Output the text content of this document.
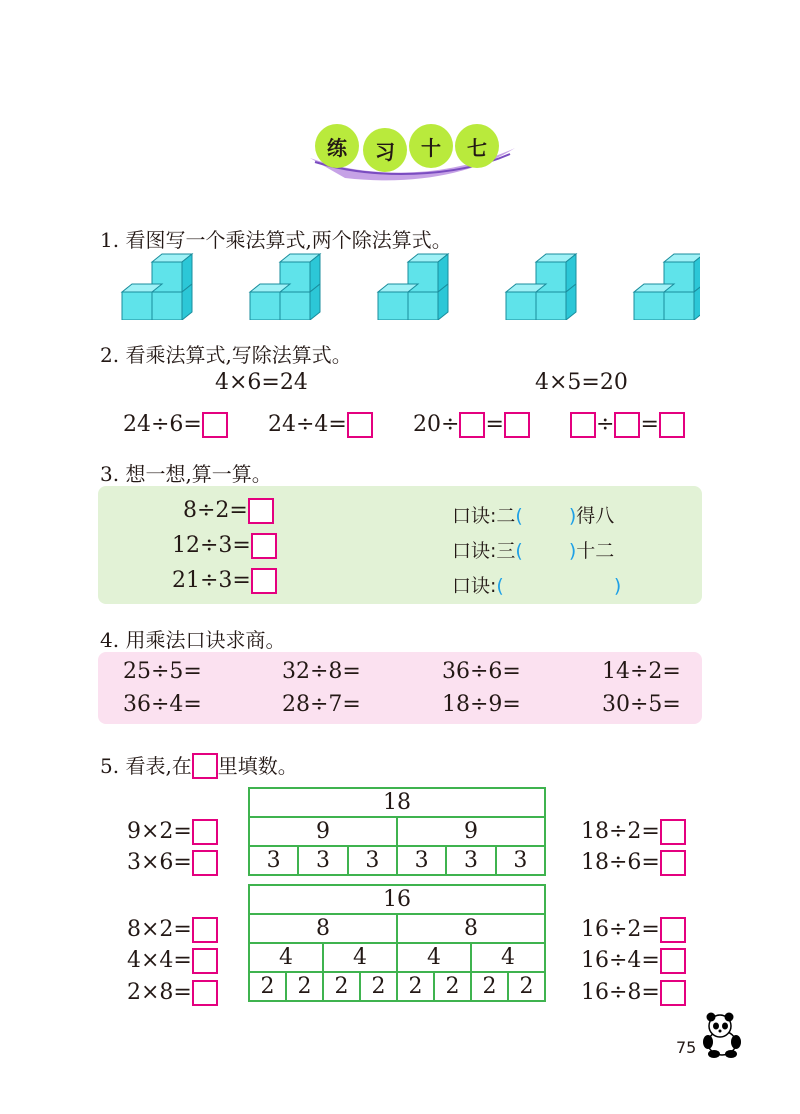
练 习 十 七
1. 看图写一个乘法算式,两个除法算式。
2. 看乘法算式,写除法算式。
4×6=24	4×5=20
24÷6=	24÷4=	20÷ =	÷ =
3. 想一想,算一算。
8÷2=
12÷3=
21÷3=
口诀:二( )得八
口诀:三( )十二
口诀:(	)
4. 用乘法口诀求商。
25÷5=	32÷8=	36÷6=	14÷2=
36÷4=	28÷7=	18÷9=	30÷5=
5. 看表,在 里填数。
18					
9			9		
3	3	3	3	3	3
9×2=
3×6=
18÷2=
18÷6=
16							
8				8			
4		4		4		4	
2	2	2	2	2	2	2	2
8×2=
4×4=
2×8=
16÷2=
16÷4=
16÷8=
75
